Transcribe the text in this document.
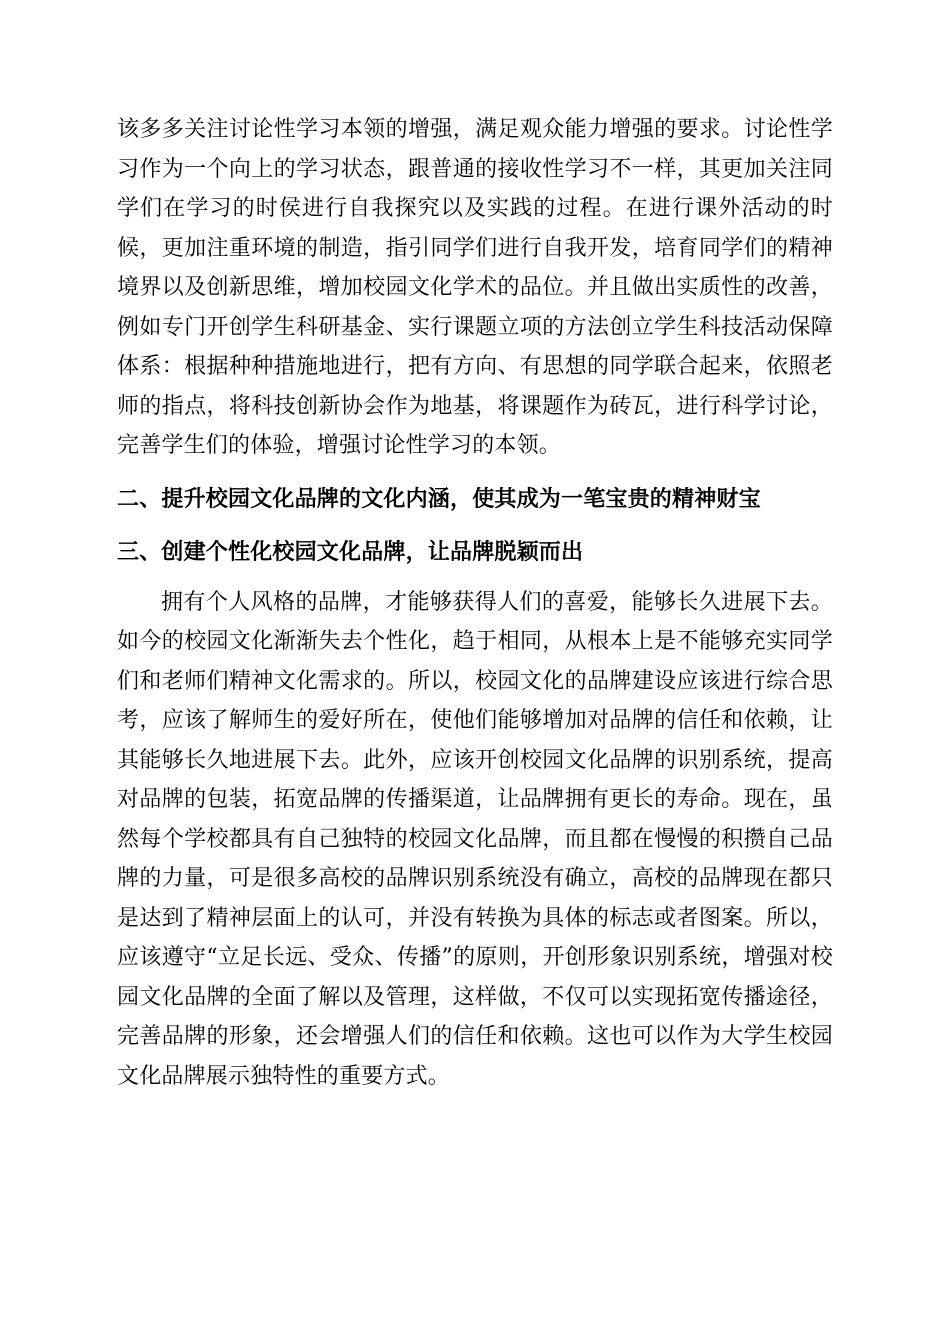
该多多关注讨论性学习本领的增强，满足观众能力增强的要求。讨论性学习作为一个向上的学习状态，跟普通的接收性学习不一样，其更加关注同学们在学习的时侯进行自我探究以及实践的过程。在进行课外活动的时候，更加注重环境的制造，指引同学们进行自我开发，培育同学们的精神境界以及创新思维，增加校园文化学术的品位。并且做出实质性的改善，例如专门开创学生科研基金、实行课题立项的方法创立学生科技活动保障体系：根据种种措施地进行，把有方向、有思想的同学联合起来，依照老师的指点，将科技创新协会作为地基，将课题作为砖瓦，进行科学讨论，完善学生们的体验，增强讨论性学习的本领。

二、提升校园文化品牌的文化内涵，使其成为一笔宝贵的精神财宝

三、创建个性化校园文化品牌，让品牌脱颖而出

拥有个人风格的品牌，才能够获得人们的喜爱，能够长久进展下去。如今的校园文化渐渐失去个性化，趋于相同，从根本上是不能够充实同学们和老师们精神文化需求的。所以，校园文化的品牌建设应该进行综合思考，应该了解师生的爱好所在，使他们能够增加对品牌的信任和依赖，让其能够长久地进展下去。此外，应该开创校园文化品牌的识别系统，提高对品牌的包装，拓宽品牌的传播渠道，让品牌拥有更长的寿命。现在，虽然每个学校都具有自己独特的校园文化品牌，而且都在慢慢的积攒自己品牌的力量，可是很多高校的品牌识别系统没有确立，高校的品牌现在都只是达到了精神层面上的认可，并没有转换为具体的标志或者图案。所以，应该遵守“立足长远、受众、传播”的原则，开创形象识别系统，增强对校园文化品牌的全面了解以及管理，这样做，不仅可以实现拓宽传播途径，完善品牌的形象，还会增强人们的信任和依赖。这也可以作为大学生校园文化品牌展示独特性的重要方式。
